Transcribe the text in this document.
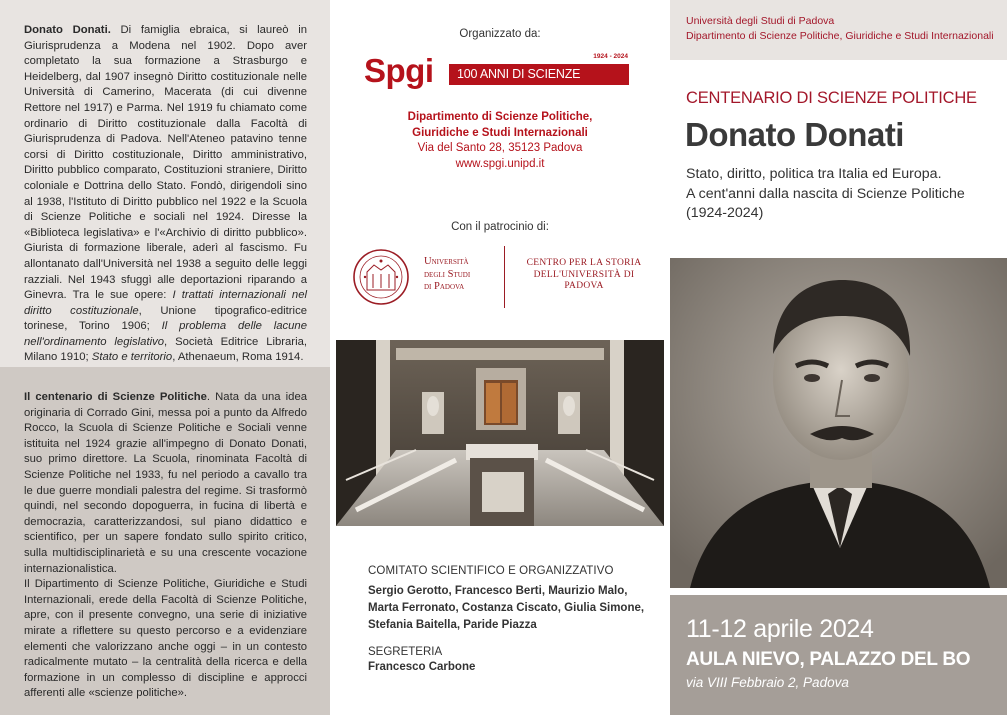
Donato Donati. Di famiglia ebraica, si laureò in Giurisprudenza a Modena nel 1902. Dopo aver completato la sua formazione a Strasburgo e Heidelberg, dal 1907 insegnò Diritto costituzionale nelle Università di Camerino, Macerata (di cui divenne Rettore nel 1917) e Parma. Nel 1919 fu chiamato come ordinario di Diritto costituzionale dalla Facoltà di Giurisprudenza di Padova. Nell'Ateneo patavino tenne corsi di Diritto costituzionale, Diritto amministrativo, Diritto pubblico comparato, Costituzioni straniere, Diritto coloniale e Dottrina dello Stato. Fondò, dirigendoli sino al 1938, l'Istituto di Diritto pubblico nel 1922 e la Scuola di Scienze Politiche e sociali nel 1924. Diresse la «Biblioteca legislativa» e l'«Archivio di diritto pubblico». Giurista di formazione liberale, aderì al fascismo. Fu allontanato dall'Università nel 1938 a seguito delle leggi razziali. Nel 1943 sfuggì alle deportazioni riparando a Ginevra. Tra le sue opere: I trattati internazionali nel diritto costituzionale, Unione tipografico-editrice torinese, Torino 1906; Il problema delle lacune nell'ordinamento legislativo, Società Editrice Libraria, Milano 1910; Stato e territorio, Athenaeum, Roma 1914.

Il centenario di Scienze Politiche. Nata da una idea originaria di Corrado Gini, messa poi a punto da Alfredo Rocco, la Scuola di Scienze Politiche e Sociali venne istituita nel 1924 grazie all'impegno di Donato Donati, suo primo direttore. La Scuola, rinominata Facoltà di Scienze Politiche nel 1933, fu nel periodo a cavallo tra le due guerre mondiali palestra del regime. Si trasformò quindi, nel secondo dopoguerra, in fucina di libertà e democrazia, caratterizzandosi, sul piano didattico e scientifico, per un sapere fondato sullo spirito critico, sulla multidisciplinarietà e su una crescente vocazione internazionalistica.

Il Dipartimento di Scienze Politiche, Giuridiche e Studi Internazionali, erede della Facoltà di Scienze Politiche, apre, con il presente convegno, una serie di iniziative mirate a riflettere su questo percorso e a evidenziare elementi che valorizzano anche oggi – in un contesto radicalmente mutato – la centralità della ricerca e della formazione in un complesso di discipline e approcci afferenti alle «scienze politiche».

Organizzato da:
Spgi	1924 - 2024
100 ANNI DI SCIENZE POLITICHE
Dipartimento di Scienze Politiche,
Giuridiche e Studi Internazionali
Via del Santo 28, 35123 Padova
www.spgi.unipd.it
Con il patrocinio di:
Università
degli Studi
di Padova
CENTRO PER LA STORIA
DELL'UNIVERSITÀ DI
PADOVA
COMITATO SCIENTIFICO E ORGANIZZATIVO
Sergio Gerotto, Francesco Berti, Maurizio Malo, Marta Ferronato, Costanza Ciscato, Giulia Simone, Stefania Baitella, Paride Piazza
SEGRETERIA
Francesco Carbone
Università degli Studi di Padova
Dipartimento di Scienze Politiche, Giuridiche e Studi Internazionali
CENTENARIO DI SCIENZE POLITICHE
Donato Donati
Stato, diritto, politica tra Italia ed Europa.
A cent'anni dalla nascita di Scienze Politiche
(1924-2024)
11-12 aprile 2024
AULA NIEVO, PALAZZO DEL BO
via VIII Febbraio 2, Padova
